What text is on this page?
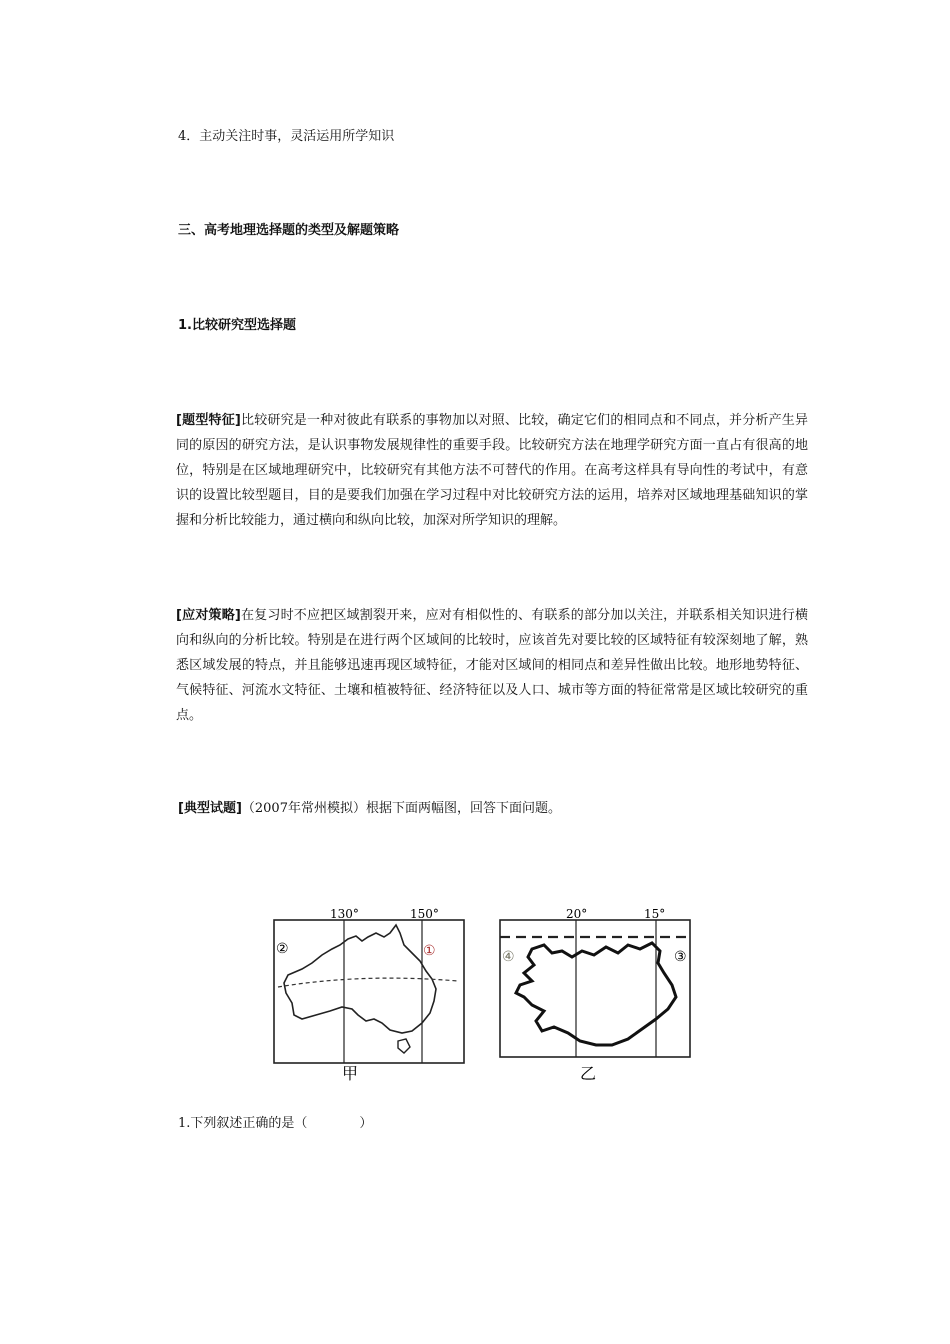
4．主动关注时事，灵活运用所学知识
三、高考地理选择题的类型及解题策略
1.比较研究型选择题
[题型特征]比较研究是一种对彼此有联系的事物加以对照、比较，确定它们的相同点和不同点，并分析产生异同的原因的研究方法，是认识事物发展规律性的重要手段。比较研究方法在地理学研究方面一直占有很高的地位，特别是在区域地理研究中，比较研究有其他方法不可替代的作用。在高考这样具有导向性的考试中，有意识的设置比较型题目，目的是要我们加强在学习过程中对比较研究方法的运用，培养对区域地理基础知识的掌握和分析比较能力，通过横向和纵向比较，加深对所学知识的理解。
[应对策略]在复习时不应把区域割裂开来，应对有相似性的、有联系的部分加以关注，并联系相关知识进行横向和纵向的分析比较。特别是在进行两个区域间的比较时，应该首先对要比较的区域特征有较深刻地了解，熟悉区域发展的特点，并且能够迅速再现区域特征，才能对区域间的相同点和差异性做出比较。地形地势特征、气候特征、河流水文特征、土壤和植被特征、经济特征以及人口、城市等方面的特征常常是区域比较研究的重点。
[典型试题]（2007年常州模拟）根据下面两幅图，回答下面问题。
130°	150°
②	①
甲
20°	15°
④	③
乙
1.下列叙述正确的是（　　　　）
